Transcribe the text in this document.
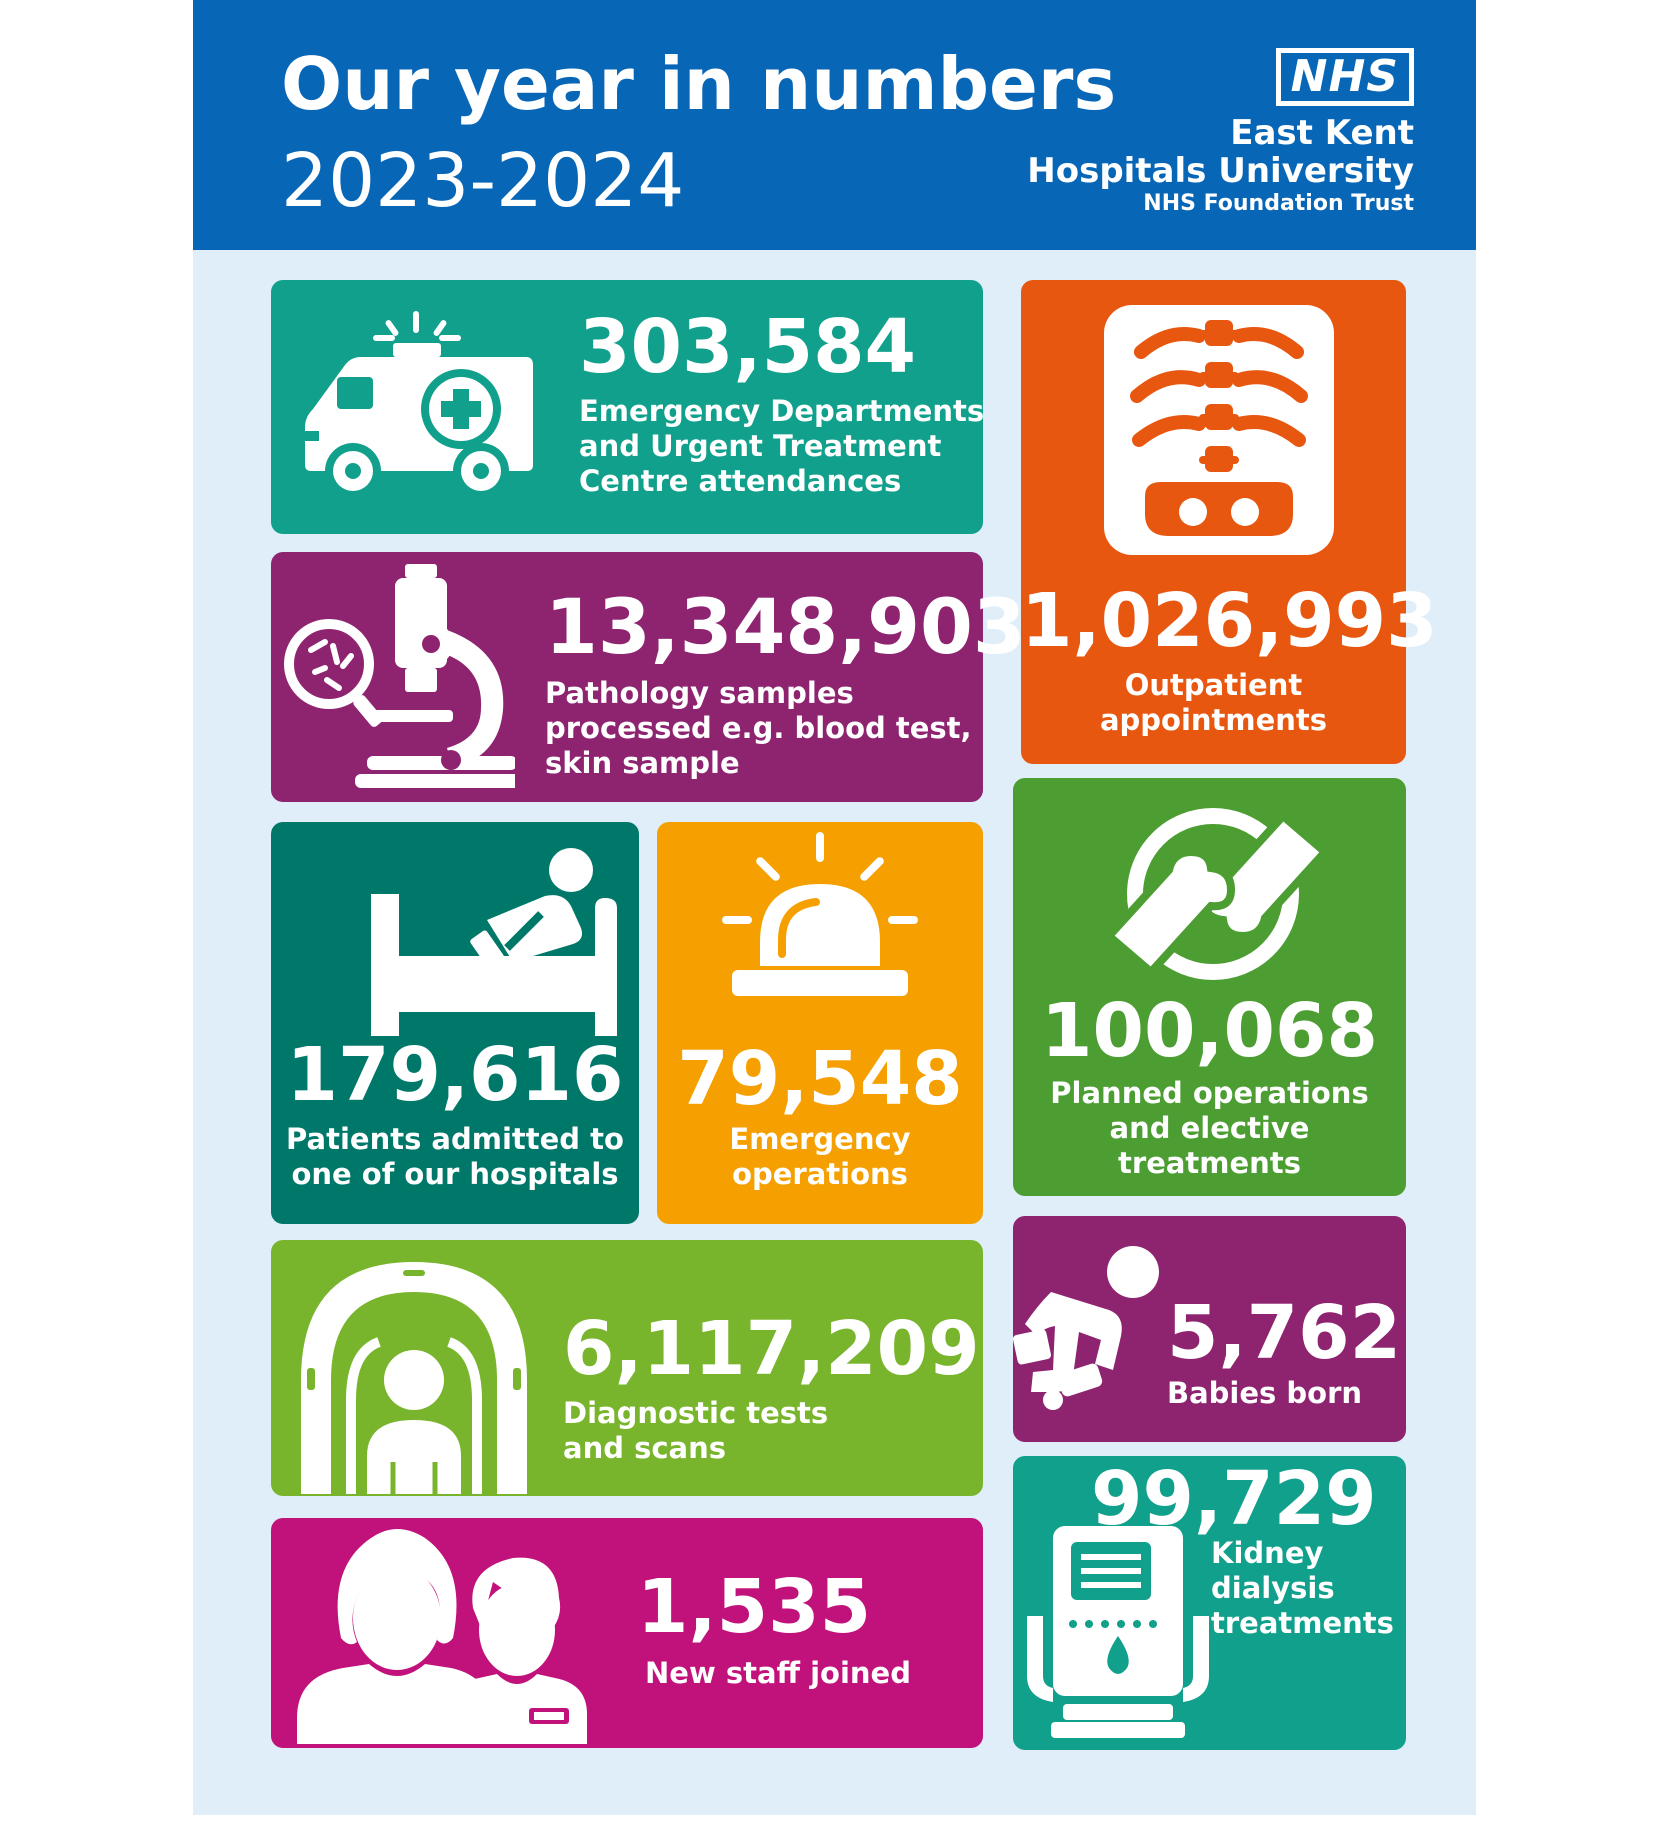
Our year in numbers
2023-2024
NHS
East Kent
Hospitals University
NHS Foundation Trust
303,584
Emergency Departments
and Urgent Treatment
Centre attendances
1,026,993
Outpatient
appointments
13,348,903
Pathology samples
processed e.g. blood test,
skin sample
179,616
Patients admitted to
one of our hospitals
79,548
Emergency
operations
100,068
Planned operations
and elective
treatments
6,117,209
Diagnostic tests
and scans
5,762
Babies born
1,535
New staff joined
99,729
Kidney
dialysis
treatments
